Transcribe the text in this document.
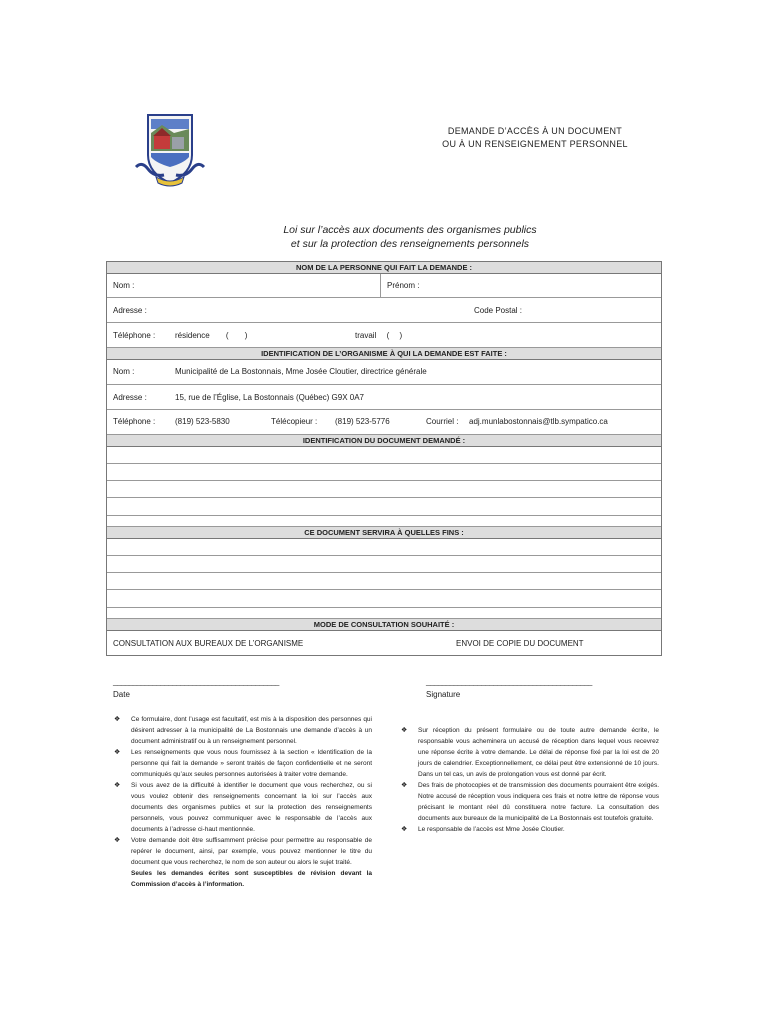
DEMANDE D’ACCÈS À UN DOCUMENT
OU À UN RENSEIGNEMENT PERSONNEL
Loi sur l’accès aux documents des organismes publics
et sur la protection des renseignements personnels
NOM DE LA PERSONNE QUI FAIT LA DEMANDE :
Nom :	Prénom :
Adresse :	Code Postal :
Téléphone : résidence ( )	travail ( )
IDENTIFICATION DE L’ORGANISME À QUI LA DEMANDE EST FAITE :
Nom :	Municipalité de La Bostonnais, Mme Josée Cloutier, directrice générale
Adresse :	15, rue de l’Église, La Bostonnais (Québec) G9X 0A7
Téléphone : (819) 523-5830	Télécopieur : (819) 523-5776	Courriel : adj.munlabostonnais@tlb.sympatico.ca
IDENTIFICATION DU DOCUMENT DEMANDÉ :
CE DOCUMENT SERVIRA À QUELLES FINS :
MODE DE CONSULTATION SOUHAITÉ :
CONSULTATION AUX BUREAUX DE L’ORGANISME	ENVOI DE COPIE DU DOCUMENT
__________________________________________
Date
__________________________________________
Signature
❖ Ce formulaire, dont l’usage est facultatif, est mis à la disposition des personnes qui désirent adresser à la municipalité de La Bostonnais une demande d’accès à un document administratif ou à un renseignement personnel.
❖ Les renseignements que vous nous fournissez à la section « Identification de la personne qui fait la demande » seront traités de façon confidentielle et ne seront communiqués qu’aux seules personnes autorisées à traiter votre demande.
❖ Si vous avez de la difficulté à identifier le document que vous recherchez, ou si vous voulez obtenir des renseignements concernant la loi sur l’accès aux documents des organismes publics et sur la protection des renseignements personnels, vous pouvez communiquer avec le responsable de l’accès aux documents à l’adresse ci-haut mentionnée.
❖ Votre demande doit être suffisamment précise pour permettre au responsable de repérer le document, ainsi, par exemple, vous pouvez mentionner le titre du document que vous recherchez, le nom de son auteur ou alors le sujet traité.

Seules les demandes écrites sont susceptibles de révision devant la Commission d’accès à l’information.

❖ Sur réception du présent formulaire ou de toute autre demande écrite, le responsable vous acheminera un accusé de réception dans lequel vous recevrez une réponse écrite à votre demande. Le délai de réponse fixé par la loi est de 20 jours de calendrier. Exceptionnellement, ce délai peut être extensionné de 10 jours. Dans un tel cas, un avis de prolongation vous est donné par écrit.
❖ Des frais de photocopies et de transmission des documents pourraient être exigés. Notre accusé de réception vous indiquera ces frais et notre lettre de réponse vous précisant le montant réel dû constituera notre facture. La consultation des documents aux bureaux de la municipalité de La Bostonnais est toutefois gratuite.
❖ Le responsable de l’accès est Mme Josée Cloutier.
